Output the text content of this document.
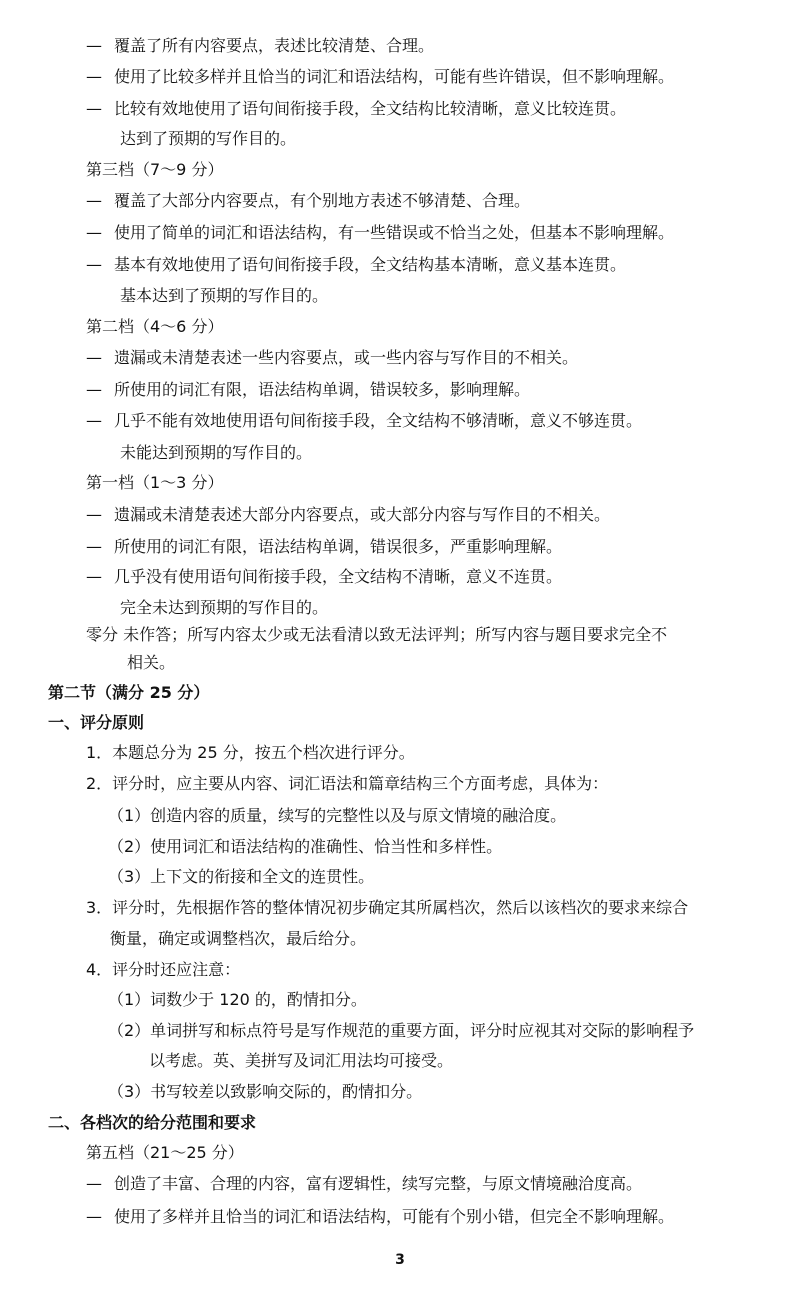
— 覆盖了所有内容要点，表述比较清楚、合理。
— 使用了比较多样并且恰当的词汇和语法结构，可能有些许错误，但不影响理解。
— 比较有效地使用了语句间衔接手段，全文结构比较清晰，意义比较连贯。
达到了预期的写作目的。
第三档（7～9 分）
— 覆盖了大部分内容要点，有个别地方表述不够清楚、合理。
— 使用了简单的词汇和语法结构，有一些错误或不恰当之处，但基本不影响理解。
— 基本有效地使用了语句间衔接手段，全文结构基本清晰，意义基本连贯。
基本达到了预期的写作目的。
第二档（4～6 分）
— 遗漏或未清楚表述一些内容要点，或一些内容与写作目的不相关。
— 所使用的词汇有限，语法结构单调，错误较多，影响理解。
— 几乎不能有效地使用语句间衔接手段，全文结构不够清晰，意义不够连贯。
未能达到预期的写作目的。
第一档（1～3 分）
— 遗漏或未清楚表述大部分内容要点，或大部分内容与写作目的不相关。
— 所使用的词汇有限，语法结构单调，错误很多，严重影响理解。
— 几乎没有使用语句间衔接手段，全文结构不清晰，意义不连贯。
完全未达到预期的写作目的。
零分 未作答；所写内容太少或无法看清以致无法评判；所写内容与题目要求完全不
相关。
第二节（满分 25 分）
一、评分原则
1．本题总分为 25 分，按五个档次进行评分。
2．评分时，应主要从内容、词汇语法和篇章结构三个方面考虑，具体为：
（1）创造内容的质量，续写的完整性以及与原文情境的融洽度。
（2）使用词汇和语法结构的准确性、恰当性和多样性。
（3）上下文的衔接和全文的连贯性。
3．评分时，先根据作答的整体情况初步确定其所属档次，然后以该档次的要求来综合
衡量，确定或调整档次，最后给分。
4．评分时还应注意：
（1）词数少于 120 的，酌情扣分。
（2）单词拼写和标点符号是写作规范的重要方面，评分时应视其对交际的影响程予
以考虑。英、美拼写及词汇用法均可接受。
（3）书写较差以致影响交际的，酌情扣分。
二、各档次的给分范围和要求
第五档（21～25 分）
— 创造了丰富、合理的内容，富有逻辑性，续写完整，与原文情境融洽度高。
— 使用了多样并且恰当的词汇和语法结构，可能有个别小错，但完全不影响理解。
3
